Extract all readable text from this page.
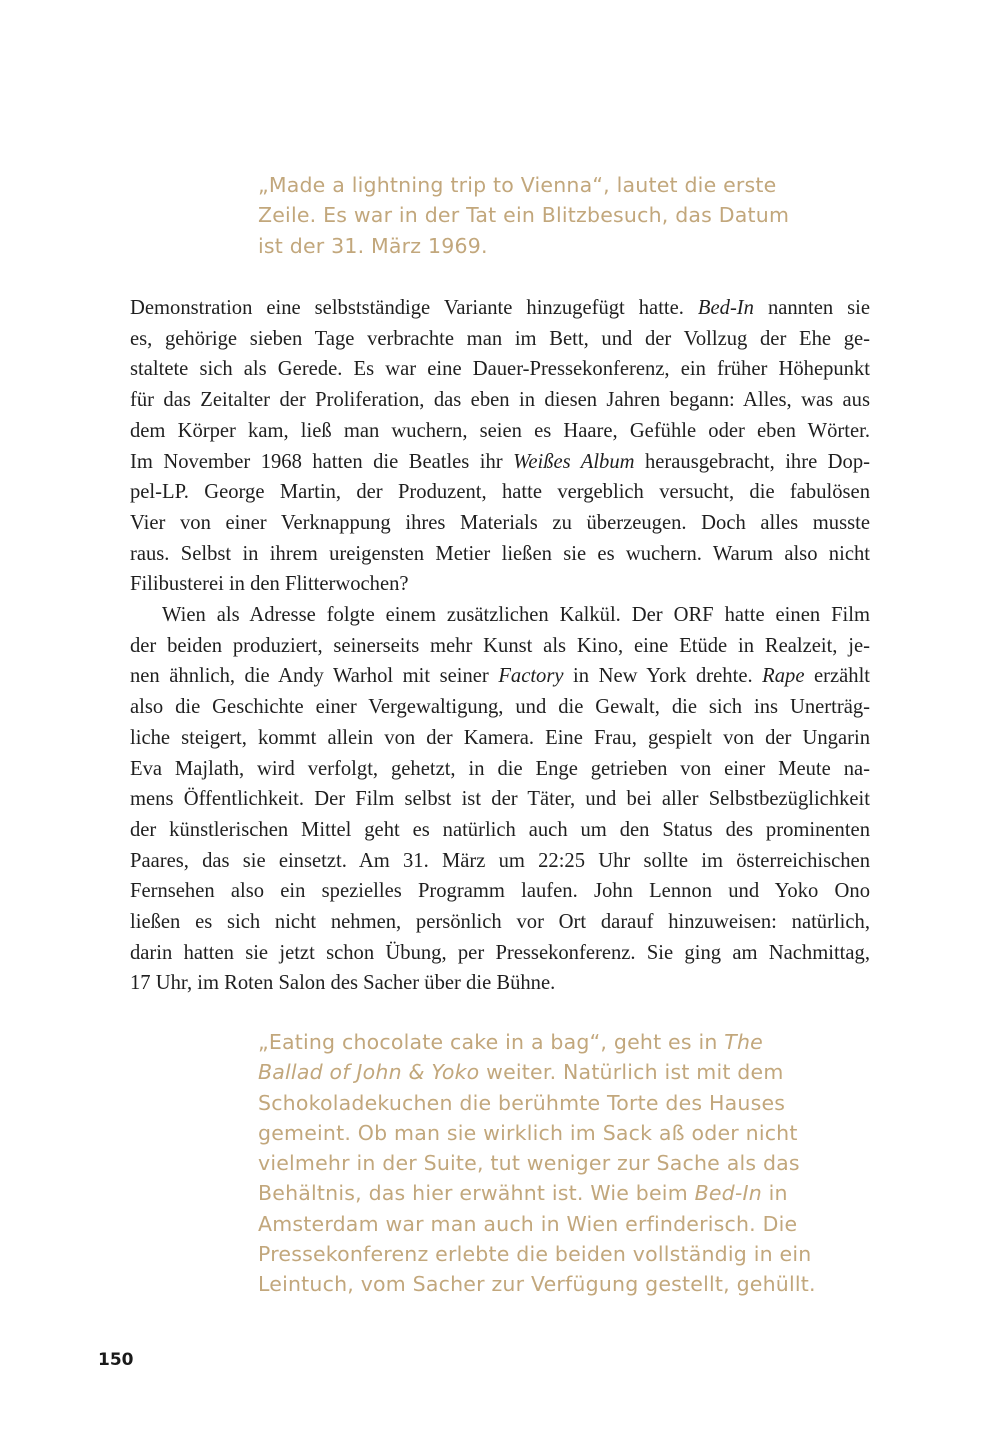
„Made a lightning trip to Vienna“, lautet die erste
Zeile. Es war in der Tat ein Blitzbesuch, das Datum
ist der 31. März 1969.
Demonstration eine selbstständige Variante hinzugefügt hatte. Bed-In nannten sie
es, gehörige sieben Tage verbrachte man im Bett, und der Vollzug der Ehe ge-
staltete sich als Gerede. Es war eine Dauer-Pressekonferenz, ein früher Höhepunkt
für das Zeitalter der Proliferation, das eben in diesen Jahren begann: Alles, was aus
dem Körper kam, ließ man wuchern, seien es Haare, Gefühle oder eben Wörter.
Im November 1968 hatten die Beatles ihr Weißes Album herausgebracht, ihre Dop-
pel-LP. George Martin, der Produzent, hatte vergeblich versucht, die fabulösen
Vier von einer Verknappung ihres Materials zu überzeugen. Doch alles musste
raus. Selbst in ihrem ureigensten Metier ließen sie es wuchern. Warum also nicht
Filibusterei in den Flitterwochen?
Wien als Adresse folgte einem zusätzlichen Kalkül. Der ORF hatte einen Film
der beiden produziert, seinerseits mehr Kunst als Kino, eine Etüde in Realzeit, je-
nen ähnlich, die Andy Warhol mit seiner Factory in New York drehte. Rape erzählt
also die Geschichte einer Vergewaltigung, und die Gewalt, die sich ins Unerträg-
liche steigert, kommt allein von der Kamera. Eine Frau, gespielt von der Ungarin
Eva Majlath, wird verfolgt, gehetzt, in die Enge getrieben von einer Meute na-
mens Öffentlichkeit. Der Film selbst ist der Täter, und bei aller Selbstbezüglichkeit
der künstlerischen Mittel geht es natürlich auch um den Status des prominenten
Paares, das sie einsetzt. Am 31. März um 22:25 Uhr sollte im österreichischen
Fernsehen also ein spezielles Programm laufen. John Lennon und Yoko Ono
ließen es sich nicht nehmen, persönlich vor Ort darauf hinzuweisen: natürlich,
darin hatten sie jetzt schon Übung, per Pressekonferenz. Sie ging am Nachmittag,
17 Uhr, im Roten Salon des Sacher über die Bühne.
„Eating chocolate cake in a bag“, geht es in The
Ballad of John & Yoko weiter. Natürlich ist mit dem
Schokoladekuchen die berühmte Torte des Hauses
gemeint. Ob man sie wirklich im Sack aß oder nicht
vielmehr in der Suite, tut weniger zur Sache als das
Behältnis, das hier erwähnt ist. Wie beim Bed-In in
Amsterdam war man auch in Wien erfinderisch. Die
Pressekonferenz erlebte die beiden vollständig in ein
Leintuch, vom Sacher zur Verfügung gestellt, gehüllt.
150
